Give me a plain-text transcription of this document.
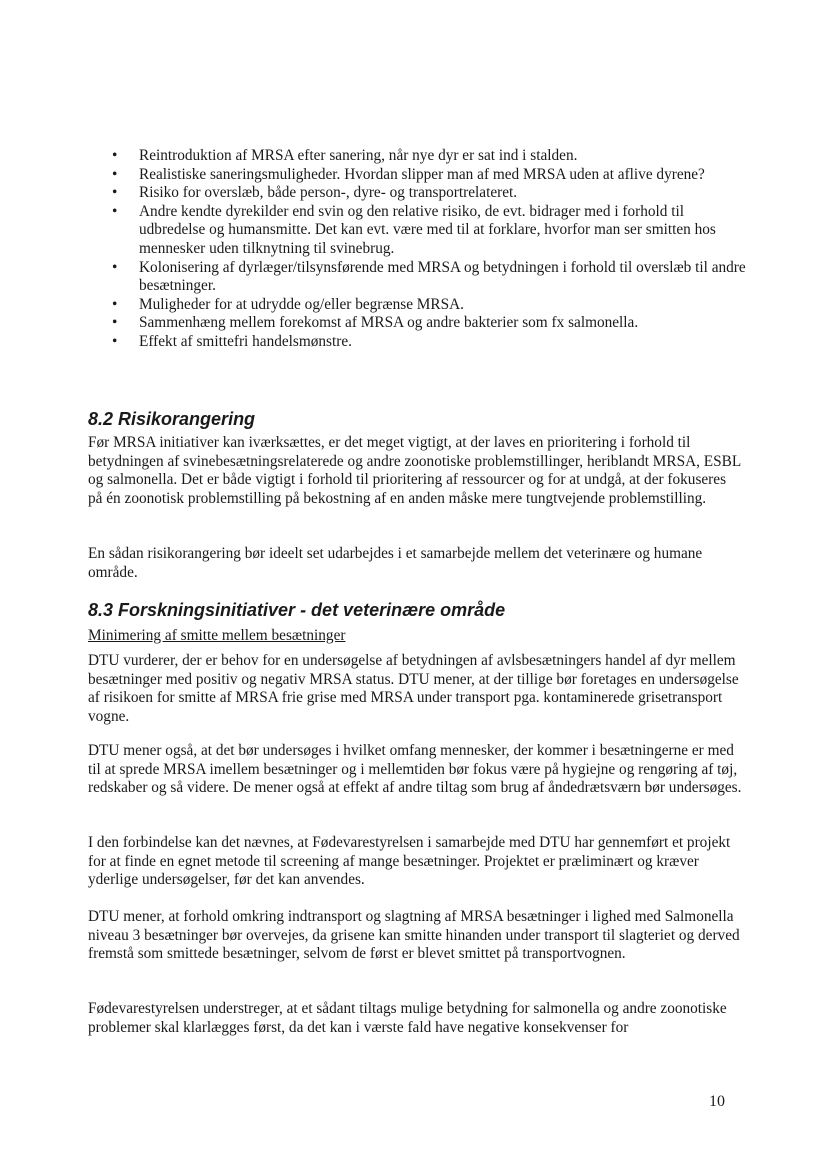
• Reintroduktion af MRSA efter sanering, når nye dyr er sat ind i stalden.
• Realistiske saneringsmuligheder. Hvordan slipper man af med MRSA uden at aflive dyrene?
• Risiko for overslæb, både person-, dyre- og transportrelateret.
• Andre kendte dyrekilder end svin og den relative risiko, de evt. bidrager med i forhold til udbredelse og humansmitte. Det kan evt. være med til at forklare, hvorfor man ser smitten hos mennesker uden tilknytning til svinebrug.
• Kolonisering af dyrlæger/tilsynsførende med MRSA og betydningen i forhold til overslæb til andre besætninger.
• Muligheder for at udrydde og/eller begrænse MRSA.
• Sammenhæng mellem forekomst af MRSA og andre bakterier som fx salmonella.
• Effekt af smittefri handelsmønstre.
8.2 Risikorangering

Før MRSA initiativer kan iværksættes, er det meget vigtigt, at der laves en prioritering i forhold til betydningen af svinebesætningsrelaterede og andre zoonotiske problemstillinger, heriblandt MRSA, ESBL og salmonella. Det er både vigtigt i forhold til prioritering af ressourcer og for at undgå, at der fokuseres på én zoonotisk problemstilling på bekostning af en anden måske mere tungtvejende problemstilling.

En sådan risikorangering bør ideelt set udarbejdes i et samarbejde mellem det veterinære og humane område.

8.3 Forskningsinitiativer - det veterinære område

Minimering af smitte mellem besætninger

DTU vurderer, der er behov for en undersøgelse af betydningen af avlsbesætningers handel af dyr mellem besætninger med positiv og negativ MRSA status. DTU mener, at der tillige bør foretages en undersøgelse af risikoen for smitte af MRSA frie grise med MRSA under transport pga. kontaminerede grisetransport vogne.

DTU mener også, at det bør undersøges i hvilket omfang mennesker, der kommer i besætningerne er med til at sprede MRSA imellem besætninger og i mellemtiden bør fokus være på hygiejne og rengøring af tøj, redskaber og så videre. De mener også at effekt af andre tiltag som brug af åndedrætsværn bør undersøges.

I den forbindelse kan det nævnes, at Fødevarestyrelsen i samarbejde med DTU har gennemført et projekt for at finde en egnet metode til screening af mange besætninger. Projektet er præliminært og kræver yderlige undersøgelser, før det kan anvendes.

DTU mener, at forhold omkring indtransport og slagtning af MRSA besætninger i lighed med Salmonella niveau 3 besætninger bør overvejes, da grisene kan smitte hinanden under transport til slagteriet og derved fremstå som smittede besætninger, selvom de først er blevet smittet på transportvognen.

Fødevarestyrelsen understreger, at et sådant tiltags mulige betydning for salmonella og andre zoonotiske problemer skal klarlægges først, da det kan i værste fald have negative konsekvenser for

10
